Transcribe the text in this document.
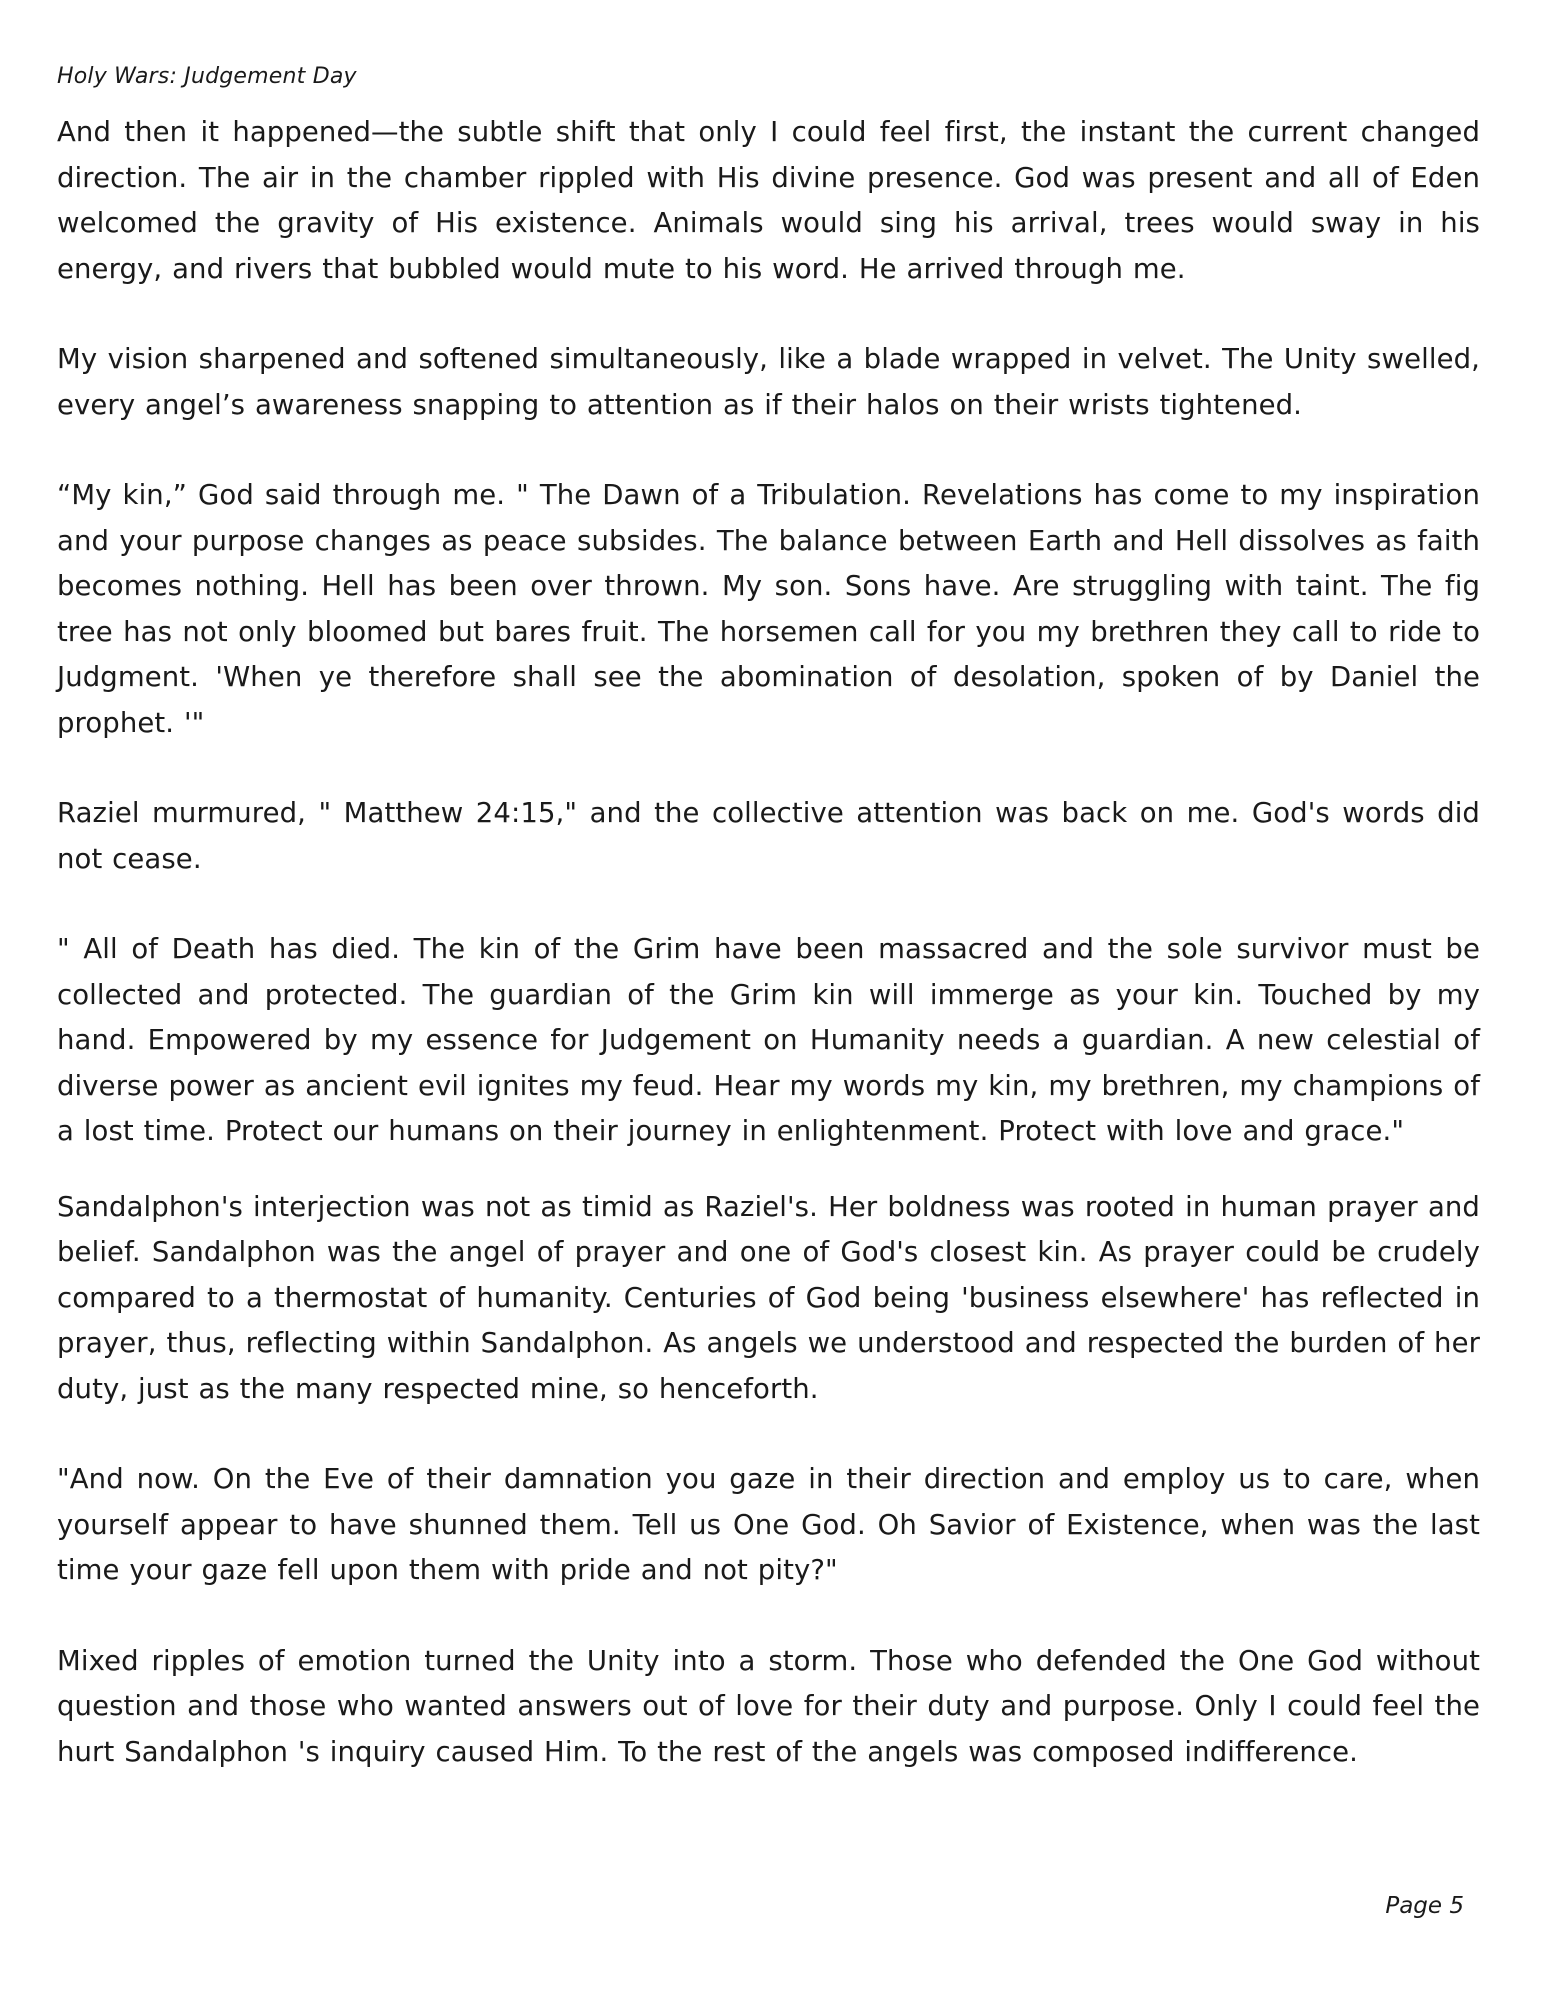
Holy Wars: Judgement Day

And then it happened—the subtle shift that only I could feel first, the instant the current changed direction. The air in the chamber rippled with His divine presence. God was present and all of Eden welcomed the gravity of His existence. Animals would sing his arrival, trees would sway in his energy, and rivers that bubbled would mute to his word. He arrived through me.

My vision sharpened and softened simultaneously, like a blade wrapped in velvet. The Unity swelled, every angel’s awareness snapping to attention as if their halos on their wrists tightened.

“My kin,” God said through me. " The Dawn of a Tribulation. Revelations has come to my inspiration and your purpose changes as peace subsides. The balance between Earth and Hell dissolves as faith becomes nothing. Hell has been over thrown. My son. Sons have. Are struggling with taint. The fig tree has not only bloomed but bares fruit. The horsemen call for you my brethren they call to ride to Judgment. 'When ye therefore shall see the abomination of desolation, spoken of by Daniel the prophet. '"

Raziel murmured, " Matthew 24:15," and the collective attention was back on me. God's words did not cease.

" All of Death has died. The kin of the Grim have been massacred and the sole survivor must be collected and protected. The guardian of the Grim kin will immerge as your kin. Touched by my hand. Empowered by my essence for Judgement on Humanity needs a guardian. A new celestial of diverse power as ancient evil ignites my feud. Hear my words my kin, my brethren, my champions of a lost time. Protect our humans on their journey in enlightenment. Protect with love and grace."

Sandalphon's interjection was not as timid as Raziel's. Her boldness was rooted in human prayer and belief. Sandalphon was the angel of prayer and one of God's closest kin. As prayer could be crudely compared to a thermostat of humanity. Centuries of God being 'business elsewhere' has reflected in prayer, thus, reflecting within Sandalphon. As angels we understood and respected the burden of her duty, just as the many respected mine, so henceforth.

"And now. On the Eve of their damnation you gaze in their direction and employ us to care, when yourself appear to have shunned them. Tell us One God. Oh Savior of Existence, when was the last time your gaze fell upon them with pride and not pity?"

Mixed ripples of emotion turned the Unity into a storm. Those who defended the One God without question and those who wanted answers out of love for their duty and purpose. Only I could feel the hurt Sandalphon 's inquiry caused Him. To the rest of the angels was composed indifference.

Page 5
